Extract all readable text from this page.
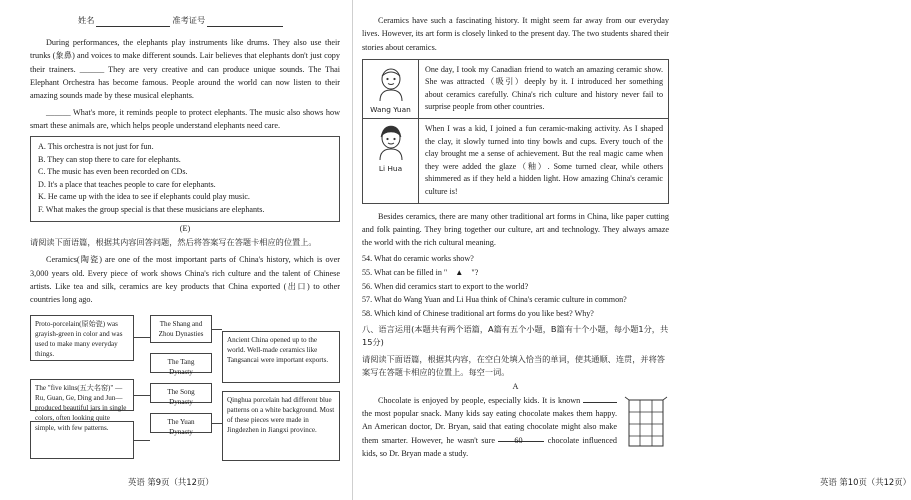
姓名	准考证号

During performances, the elephants play instruments like drums. They also use their trunks (象鼻) and voices to make different sounds. Lair believes that elephants don't just copy their trainers. ______ They are very creative and can produce unique sounds. The Thai Elephant Orchestra has become famous. People around the world can now listen to their amazing sounds made by these musical elephants.

______ What's more, it reminds people to protect elephants. The music also shows how smart these animals are, which helps people understand elephants need care.

A. This orchestra is not just for fun.

B. They can stop there to care for elephants.

C. The music has even been recorded on CDs.

D. It's a place that teaches people to care for elephants.

K. He came up with the idea to see if elephants could play music.

F. What makes the group special is that these musicians are elephants.

(E)

请阅读下面语篇，根据其内容回答问题，然后将答案写在答题卡相应的位置上。

Ceramics(陶瓷) are one of the most important parts of China's history, which is over 3,000 years old. Every piece of work shows China's rich culture and the talent of Chinese artists. Like tea and silk, ceramics are key products that China exported (出口) to other countries long ago.

Proto-porcelain(原始瓷) was grayish-green in color and was used to make many everyday things.
The "five kilns(五大名窑)" —Ru, Guan, Ge, Ding and Jun— produced beautiful jars in single colors, often looking quite simple, with few patterns.
The Shang and Zhou Dynasties
The Tang Dynasty
The Song Dynasty
The Yuan Dynasty
Ancient China opened up to the world. Well-made ceramics like Tangsancai were important exports.
Qinghua porcelain had different blue patterns on a white background. Most of these pieces were made in Jingdezhen in Jiangxi province.
英语 第9页（共12页）

Ceramics have such a fascinating history. It might seem far away from our everyday lives. However, its art form is closely linked to the present day. The two students shared their stories about ceramics.

Wang Yuan
One day, I took my Canadian friend to watch an amazing ceramic show. She was attracted（吸引）deeply by it. I introduced her something about ceramics carefully. China's rich culture and history never fail to surprise people from other countries.
Li Hua
When I was a kid, I joined a fun ceramic-making activity. As I shaped the clay, it slowly turned into tiny bowls and cups. Every touch of the clay brought me a sense of achievement. But the real magic came when they were added the glaze（釉）. Some turned clear, while others shimmered as if they held a hidden light. How amazing China's ceramic culture is!

Besides ceramics, there are many other traditional art forms in China, like paper cutting and folk painting. They bring together our culture, art and technology. They always amaze the world with the rich cultural meaning.

54. What do ceramic works show?
55. What can be filled in "　▲　"?
56. When did ceramics start to export to the world?
57. What do Wang Yuan and Li Hua think of China's ceramic culture in common?
58. Which kind of Chinese traditional art forms do you like best? Why?
八、语言运用(本题共有两个语篇，A篇有五个小题，B篇有十个小题，每小题1分，共15分)
请阅读下面语篇，根据其内容，在空白处填入恰当的单词，使其通顺、连贯，并将答案写在答题卡相应的位置上。每空一词。
A

Chocolate is enjoyed by people, especially kids. It is known  the most popular snack. Many kids say eating chocolate makes them happy. An American doctor, Dr. Bryan, said that eating chocolate might also make them smarter. However, he wasn't sure 60	chocolate influenced kids, so Dr. Bryan made a study.

英语 第10页（共12页）
